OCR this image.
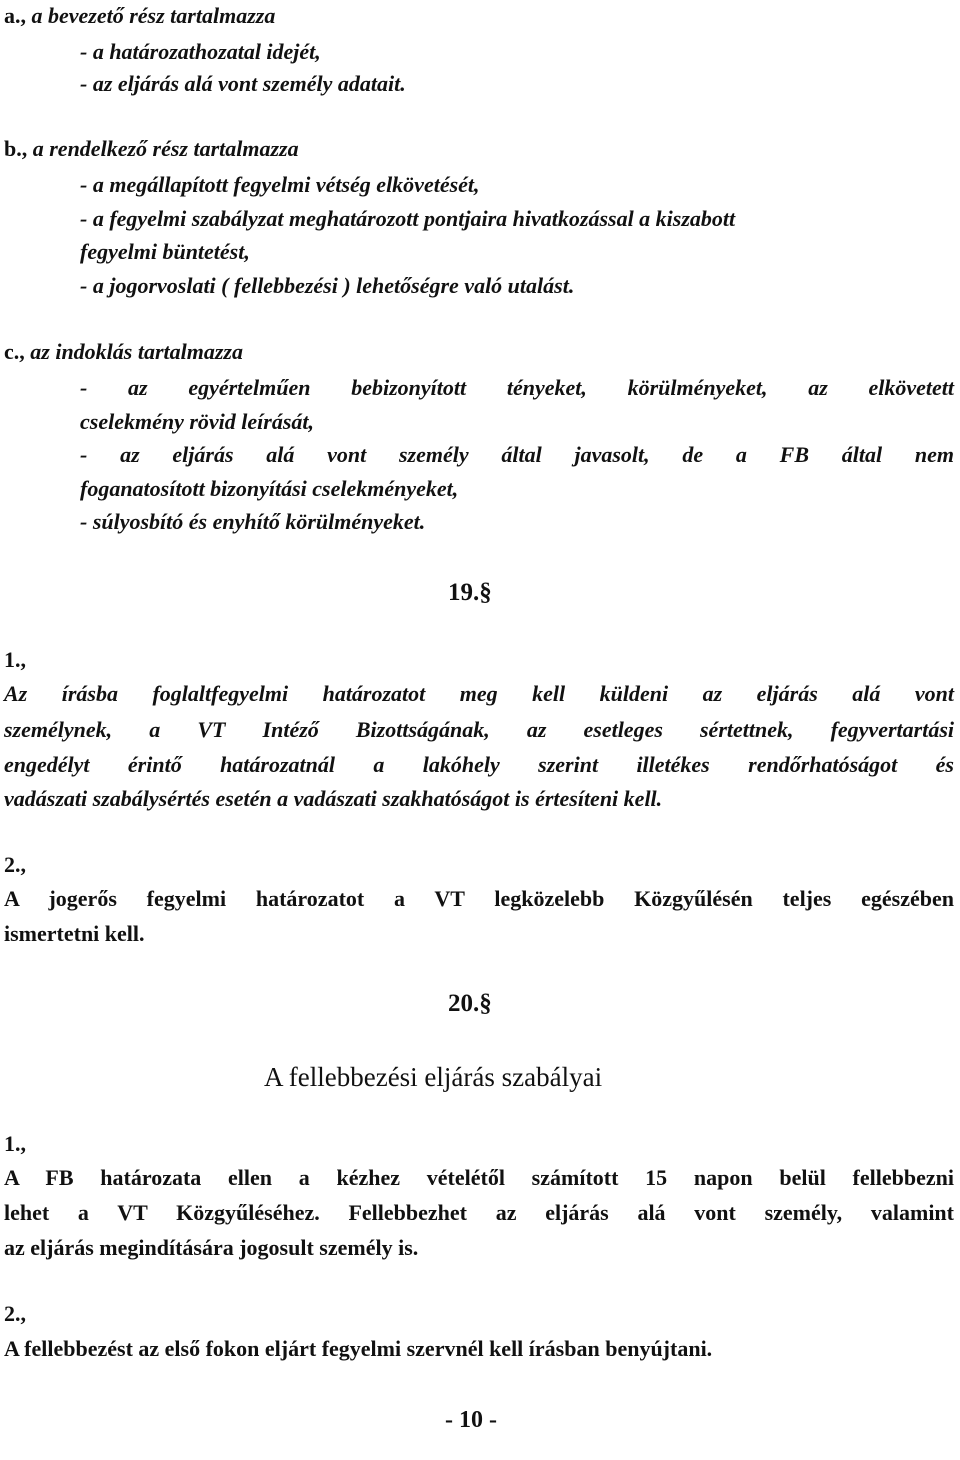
a., a bevezető rész tartalmazza
- a határozathozatal idejét,
- az eljárás alá vont személy adatait.
b., a rendelkező rész tartalmazza
- a megállapított fegyelmi vétség elkövetését,
- a fegyelmi szabályzat meghatározott pontjaira hivatkozással a kiszabott
fegyelmi büntetést,
- a jogorvoslati ( fellebbezési ) lehetőségre való utalást.
c., az indoklás tartalmazza
- az egyértelműen bebizonyított tényeket, körülményeket, az elkövetett
cselekmény rövid leírását,
- az eljárás alá vont személy által javasolt, de a FB által nem
foganatosított bizonyítási cselekményeket,
- súlyosbító és enyhítő körülményeket.
19.§
1.,
Az írásba foglaltfegyelmi határozatot meg kell küldeni az eljárás alá vont
személynek, a VT Intéző Bizottságának, az esetleges sértettnek, fegyvertartási
engedélyt érintő határozatnál a lakóhely szerint illetékes rendőrhatóságot és
vadászati szabálysértés esetén a vadászati szakhatóságot is értesíteni kell.
2.,
A jogerős fegyelmi határozatot a VT legközelebb Közgyűlésén teljes egészében
ismertetni kell.
20.§
A fellebbezési eljárás szabályai
1.,
A FB határozata ellen a kézhez vételétől számított 15 napon belül fellebbezni
lehet a VT Közgyűléséhez. Fellebbezhet az eljárás alá vont személy, valamint
az eljárás megindítására jogosult személy is.
2.,
A fellebbezést az első fokon eljárt fegyelmi szervnél kell írásban benyújtani.
- 10 -
